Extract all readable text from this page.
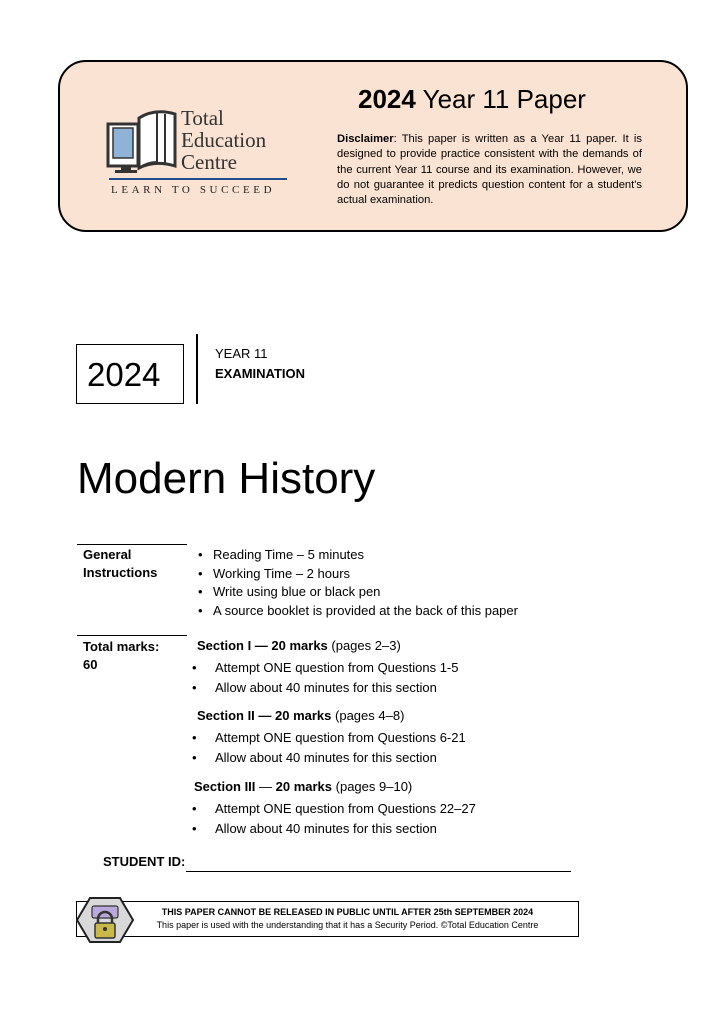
Total
Education
Centre
LEARN TO SUCCEED
2024 Year 11 Paper
Disclaimer: This paper is written as a Year 11 paper. It is designed to provide practice consistent with the demands of the current Year 11 course and its examination. However, we do not guarantee it predicts question content for a student's actual examination.
2024
YEAR 11
EXAMINATION
Modern History
General
Instructions
• Reading Time – 5 minutes
• Working Time – 2 hours
• Write using blue or black pen
• A source booklet is provided at the back of this paper
Total marks:
60
Section I — 20 marks (pages 2–3)
• Attempt ONE question from Questions 1-5
• Allow about 40 minutes for this section
Section II — 20 marks (pages 4–8)
• Attempt ONE question from Questions 6-21
• Allow about 40 minutes for this section
Section III — 20 marks (pages 9–10)
• Attempt ONE question from Questions 22–27
• Allow about 40 minutes for this section
STUDENT ID:
THIS PAPER CANNOT BE RELEASED IN PUBLIC UNTIL AFTER 25th SEPTEMBER 2024
This paper is used with the understanding that it has a Security Period. ©Total Education Centre
